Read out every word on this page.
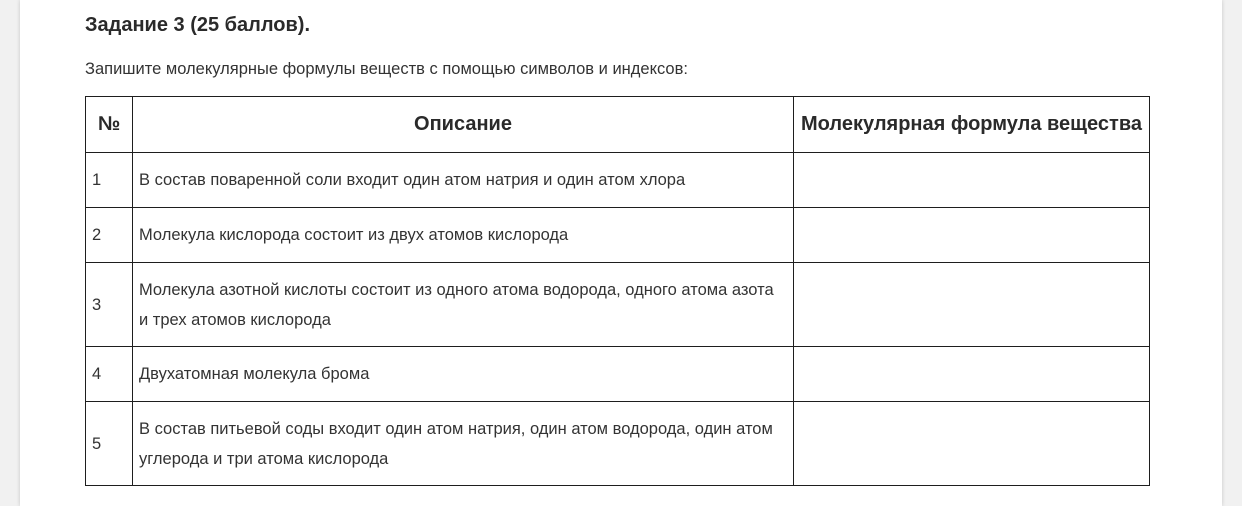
Задание 3 (25 баллов).
Запишите молекулярные формулы веществ с помощью символов и индексов:
№	Описание	Молекулярная формула вещества
1	В состав поваренной соли входит один атом натрия и один атом хлора	
2	Молекула кислорода состоит из двух атомов кислорода	
3	Молекула азотной кислоты состоит из одного атома водорода, одного атома азота и трех атомов кислорода	
4	Двухатомная молекула брома	
5	В состав питьевой соды входит один атом натрия, один атом водорода, один атом углерода и три атома кислорода	
